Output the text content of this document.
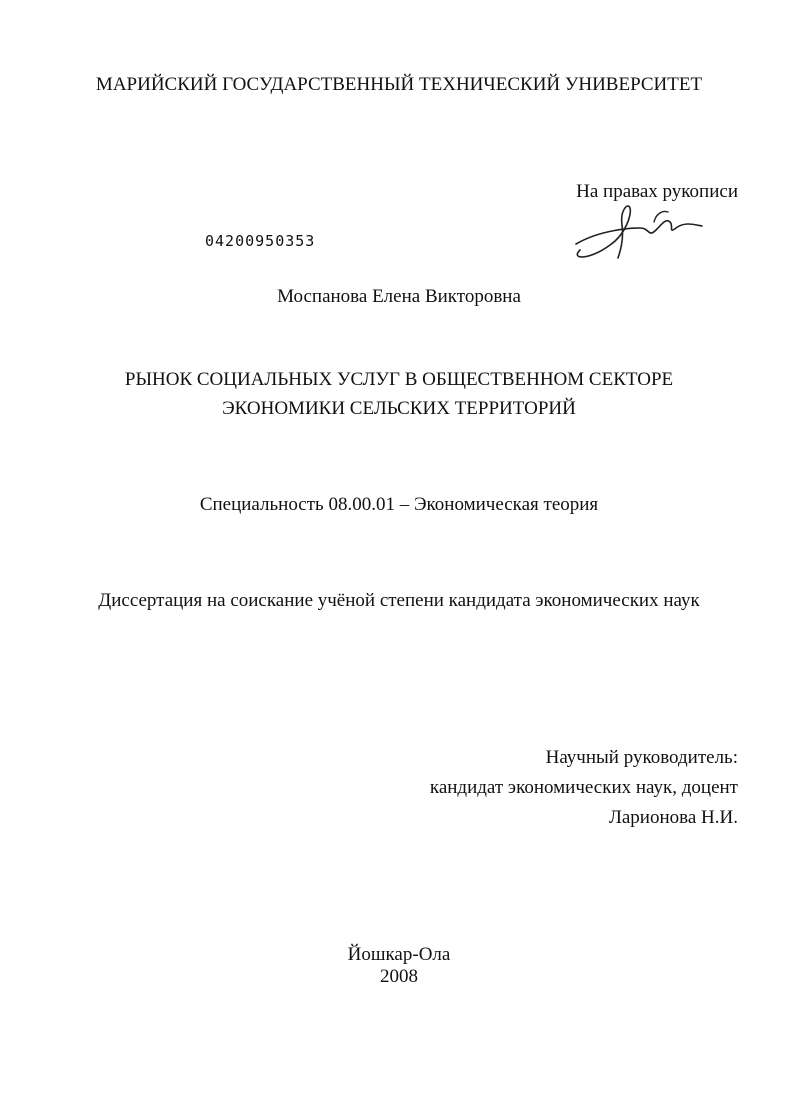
МАРИЙСКИЙ ГОСУДАРСТВЕННЫЙ ТЕХНИЧЕСКИЙ УНИВЕРСИТЕТ
На правах рукописи
04200950353
Моспанова Елена Викторовна
РЫНОК СОЦИАЛЬНЫХ УСЛУГ В ОБЩЕСТВЕННОМ СЕКТОРЕ
ЭКОНОМИКИ СЕЛЬСКИХ ТЕРРИТОРИЙ
Специальность 08.00.01 – Экономическая теория
Диссертация на соискание учёной степени кандидата экономических наук
Научный руководитель:
кандидат экономических наук, доцент
Ларионова Н.И.
Йошкар-Ола
2008
